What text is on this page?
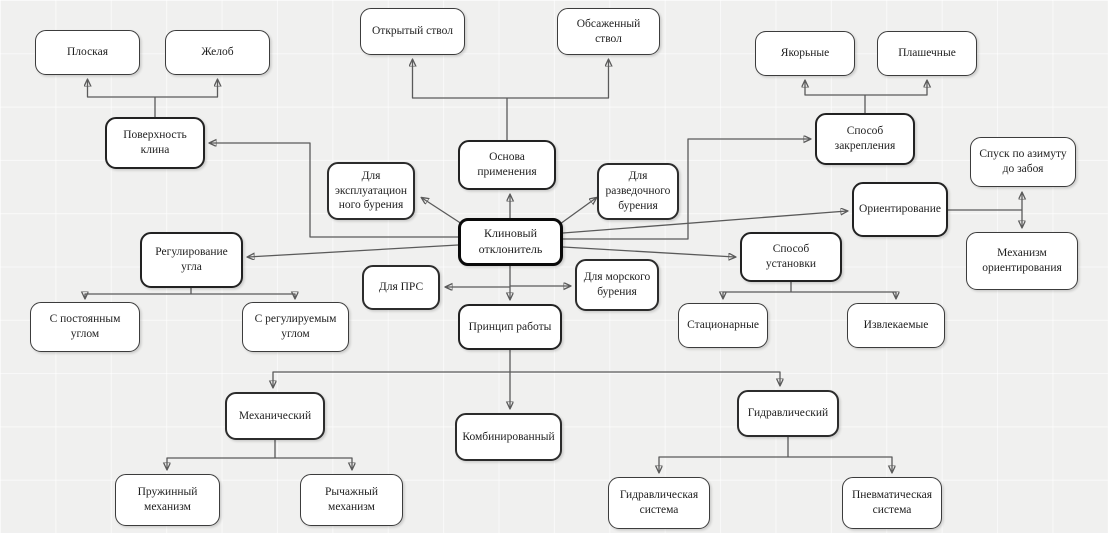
Плоская	Желоб
Открытый ствол
Обсаженный ствол
Якорьные	Плашечные
Поверхность клина
Способ закрепления
Спуск по азимуту до забоя
Основа применения
Для эксплуатационного бурения
Для разведочного бурения	Ориентирование
Механизм ориентирования
Клиновый отклонитель
Регулирование угла
Для ПРС
Для морского бурения
Способ установки
С постоянным углом
С регулируемым углом
Принцип работы	Стационарные	Извлекаемые
Механический
Комбинированный
Гидравлический
Пружинный механизм
Рычажный механизм
Гидравлическая система
Пневматическая система
